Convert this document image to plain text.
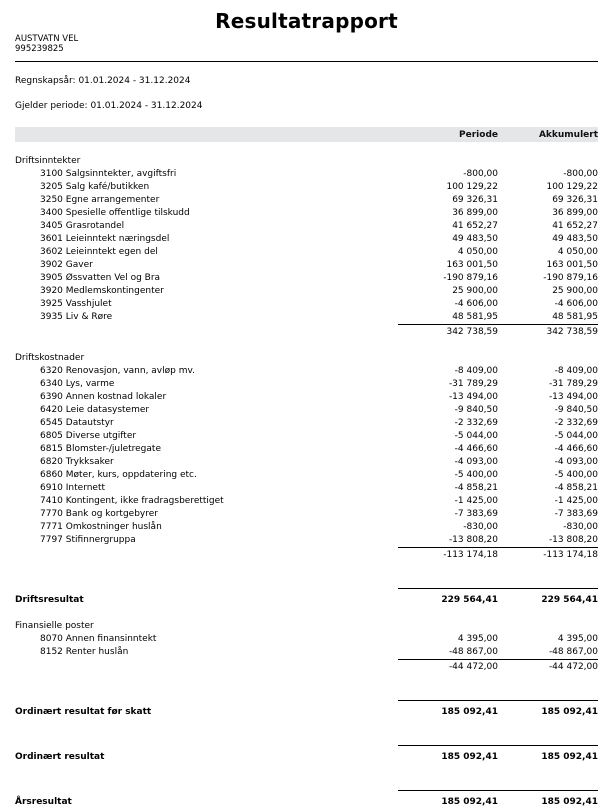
Resultatrapport
AUSTVATN VEL
995239825
Regnskapsår: 01.01.2024 - 31.12.2024
Gjelder periode: 01.01.2024 - 31.12.2024
Periode	Akkumulert
Driftsinntekter
3100 Salgsinntekter, avgiftsfri	-800,00	-800,00
3205 Salg kafé/butikken	100 129,22	100 129,22
3250 Egne arrangementer	69 326,31	69 326,31
3400 Spesielle offentlige tilskudd	36 899,00	36 899,00
3405 Grasrotandel	41 652,27	41 652,27
3601 Leieinntekt næringsdel	49 483,50	49 483,50
3602 Leieinntekt egen del	4 050,00	4 050,00
3902 Gaver	163 001,50	163 001,50
3905 Øssvatten Vel og Bra	-190 879,16	-190 879,16
3920 Medlemskontingenter	25 900,00	25 900,00
3925 Vasshjulet	-4 606,00	-4 606,00
3935 Liv & Røre	48 581,95	48 581,95
342 738,59	342 738,59
Driftskostnader
6320 Renovasjon, vann, avløp mv.	-8 409,00	-8 409,00
6340 Lys, varme	-31 789,29	-31 789,29
6390 Annen kostnad lokaler	-13 494,00	-13 494,00
6420 Leie datasystemer	-9 840,50	-9 840,50
6545 Datautstyr	-2 332,69	-2 332,69
6805 Diverse utgifter	-5 044,00	-5 044,00
6815 Blomster-/juletregate	-4 466,60	-4 466,60
6820 Trykksaker	-4 093,00	-4 093,00
6860 Møter, kurs, oppdatering etc.	-5 400,00	-5 400,00
6910 Internett	-4 858,21	-4 858,21
7410 Kontingent, ikke fradragsberettiget	-1 425,00	-1 425,00
7770 Bank og kortgebyrer	-7 383,69	-7 383,69
7771 Omkostninger huslån	-830,00	-830,00
7797 Stifinnergruppa	-13 808,20	-13 808,20
-113 174,18	-113 174,18
Driftsresultat	229 564,41	229 564,41
Finansielle poster
8070 Annen finansinntekt	4 395,00	4 395,00
8152 Renter huslån	-48 867,00	-48 867,00
-44 472,00	-44 472,00
Ordinært resultat før skatt	185 092,41	185 092,41
Ordinært resultat	185 092,41	185 092,41
Årsresultat	185 092,41	185 092,41
